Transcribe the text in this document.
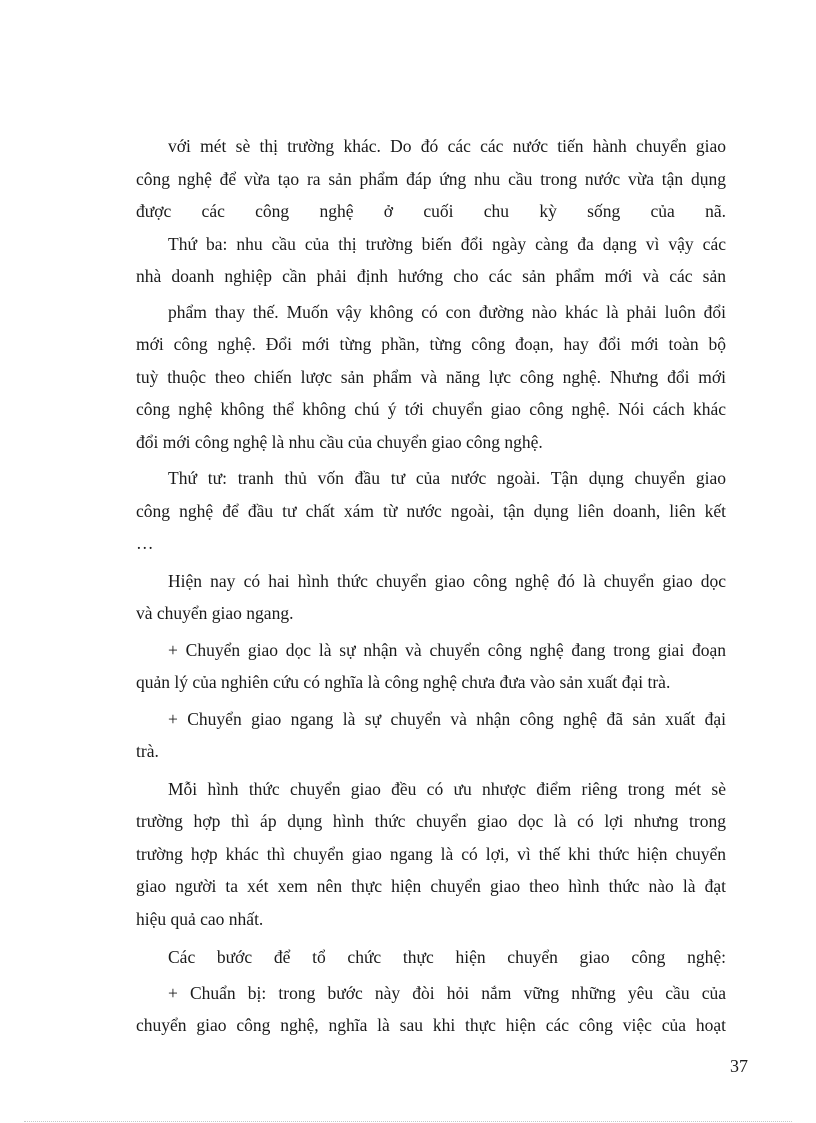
với mét sè thị trường khác. Do đó các các nước tiến hành chuyển giao
công nghệ để vừa tạo ra sản phẩm đáp ứng nhu cầu trong nước vừa tận dụng
được các công nghệ ở cuối chu kỳ sống của nã.
Thứ ba: nhu cầu của thị trường biến đổi ngày càng đa dạng vì vậy các
nhà doanh nghiệp cần phải định hướng cho các sản phẩm mới và các sản
phẩm thay thế. Muốn vậy không có con đường nào khác là phải luôn đổi
mới công nghệ. Đổi mới từng phần, từng công đoạn, hay đổi mới toàn bộ
tuỳ thuộc theo chiến lược sản phẩm và năng lực công nghệ. Nhưng đổi mới
công nghệ không thể không chú ý tới chuyển giao công nghệ. Nói cách khác
đổi mới công nghệ là nhu cầu của chuyển giao công nghệ.
Thứ tư: tranh thủ vốn đầu tư của nước ngoài. Tận dụng chuyển giao
công nghệ để đầu tư chất xám từ nước ngoài, tận dụng liên doanh, liên kết
…
Hiện nay có hai hình thức chuyển giao công nghệ đó là chuyển giao dọc
và chuyển giao ngang.
+ Chuyển giao dọc là sự nhận và chuyển công nghệ đang trong giai đoạn
quản lý của nghiên cứu có nghĩa là công nghệ chưa đưa vào sản xuất đại trà.
+ Chuyển giao ngang là sự chuyển và nhận công nghệ đã sản xuất đại
trà.
Mỗi hình thức chuyển giao đều có ưu nhược điểm riêng trong mét sè
trường hợp thì áp dụng hình thức chuyển giao dọc là có lợi nhưng trong
trường hợp khác thì chuyển giao ngang là có lợi, vì thế khi thức hiện chuyển
giao người ta xét xem nên thực hiện chuyển giao theo hình thức nào là đạt
hiệu quả cao nhất.
Các bước để tổ chức thực hiện chuyển giao công nghệ:
+ Chuẩn bị: trong bước này đòi hỏi nắm vững những yêu cầu của
chuyển giao công nghệ, nghĩa là sau khi thực hiện các công việc của hoạt
37
